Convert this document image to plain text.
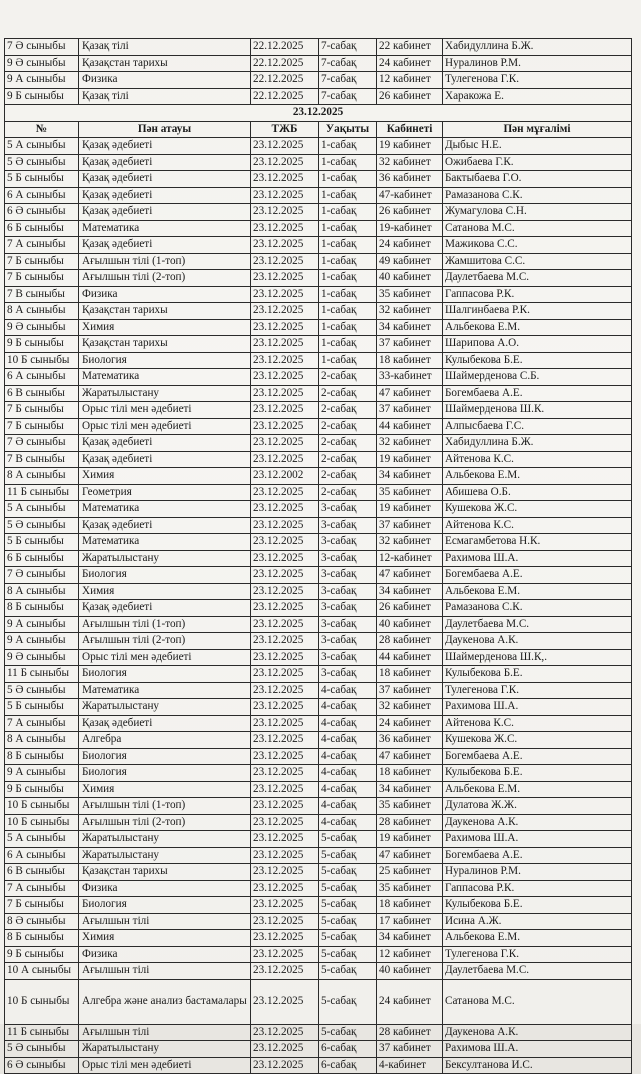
7 Ә сыныбы	Қазақ тілі	22.12.2025	7-сабақ	22 кабинет	Хабидуллина Б.Ж.
9 Ә сыныбы	Қазақстан тарихы	22.12.2025	7-сабақ	24 кабинет	Нуралинов Р.М.
9 А сыныбы	Физика	22.12.2025	7-сабақ	12 кабинет	Тулегенова Г.К.
9 Б сыныбы	Қазақ тілі	22.12.2025	7-сабақ	26 кабинет	Харакожа Е.
23.12.2025					
№	Пән атауы	ТЖБ	Уақыты	Кабинеті	Пән мұғалімі
5 А сыныбы	Қазақ әдебиеті	23.12.2025	1-сабақ	19 кабинет	Дыбыс Н.Е.
5 Ә сыныбы	Қазақ әдебиеті	23.12.2025	1-сабақ	32 кабинет	Ожибаева Г.К.
5 Б сыныбы	Қазақ әдебиеті	23.12.2025	1-сабақ	36 кабинет	Бактыбаева Г.О.
6 А сыныбы	Қазақ әдебиеті	23.12.2025	1-сабақ	47-кабинет	Рамазанова С.К.
6 Ә сыныбы	Қазақ әдебиеті	23.12.2025	1-сабақ	26 кабинет	Жумагулова С.Н.
6 Б сыныбы	Математика	23.12.2025	1-сабақ	19-кабинет	Сатанова М.С.
7 А сыныбы	Қазақ әдебиеті	23.12.2025	1-сабақ	24 кабинет	Мажикова С.С.
7 Б сыныбы	Ағылшын тілі (1-топ)	23.12.2025	1-сабақ	49 кабинет	Жамшитова С.С.
7 Б сыныбы	Ағылшын тілі (2-топ)	23.12.2025	1-сабақ	40 кабинет	Даулетбаева М.С.
7 В сыныбы	Физика	23.12.2025	1-сабақ	35 кабинет	Гаппасова Р.К.
8 А сыныбы	Қазақстан тарихы	23.12.2025	1-сабақ	32 кабинет	Шалгинбаева Р.К.
9 Ә сыныбы	Химия	23.12.2025	1-сабақ	34 кабинет	Альбекова Е.М.
9 Б сыныбы	Қазақстан тарихы	23.12.2025	1-сабақ	37 кабинет	Шарипова А.О.
10 Б сыныбы	Биология	23.12.2025	1-сабақ	18 кабинет	Кулыбекова Б.Е.
6 А сыныбы	Математика	23.12.2025	2-сабақ	33-кабинет	Шаймерденова С.Б.
6 В сыныбы	Жаратылыстану	23.12.2025	2-сабақ	47 кабинет	Богембаева А.Е.
7 Б сыныбы	Орыс тілі мен әдебиеті	23.12.2025	2-сабақ	37 кабинет	Шаймерденова Ш.К.
7 Б сыныбы	Орыс тілі мен әдебиеті	23.12.2025	2-сабақ	44 кабинет	Алпысбаева Г.С.
7 Ә сыныбы	Қазақ әдебиеті	23.12.2025	2-сабақ	32 кабинет	Хабидуллина Б.Ж.
7 В сыныбы	Қазақ әдебиеті	23.12.2025	2-сабақ	19 кабинет	Айтенова К.С.
8 А сыныбы	Химия	23.12.2002	2-сабақ	34 кабинет	Альбекова Е.М.
11 Б сыныбы	Геометрия	23.12.2025	2-сабақ	35 кабинет	Абишева О.Б.
5 А сыныбы	Математика	23.12.2025	3-сабақ	19 кабинет	Кушекова Ж.С.
5 Ә сыныбы	Қазақ әдебиеті	23.12.2025	3-сабақ	37 кабинет	Айтенова К.С.
5 Б сыныбы	Математика	23.12.2025	3-сабақ	32 кабинет	Есмагамбетова Н.К.
6 Б сыныбы	Жаратылыстану	23.12.2025	3-сабақ	12-кабинет	Рахимова Ш.А.
7 Ә сыныбы	Биология	23.12.2025	3-сабақ	47 кабинет	Богембаева А.Е.
8 А сыныбы	Химия	23.12.2025	3-сабақ	34 кабинет	Альбекова Е.М.
8 Б сыныбы	Қазақ әдебиеті	23.12.2025	3-сабақ	26 кабинет	Рамазанова С.К.
9 А сыныбы	Ағылшын тілі (1-топ)	23.12.2025	3-сабақ	40 кабинет	Даулетбаева М.С.
9 А сыныбы	Ағылшын тілі (2-топ)	23.12.2025	3-сабақ	28 кабинет	Даукенова А.К.
9 Ә сыныбы	Орыс тілі мен әдебиеті	23.12.2025	3-сабақ	44 кабинет	Шаймерденова Ш.К,.
11 Б сыныбы	Биология	23.12.2025	3-сабақ	18 кабинет	Кулыбекова Б.Е.
5 Ә сыныбы	Математика	23.12.2025	4-сабақ	37 кабинет	Тулегенова Г.К.
5 Б сыныбы	Жаратылыстану	23.12.2025	4-сабақ	32 кабинет	Рахимова Ш.А.
7 А сыныбы	Қазақ әдебиеті	23.12.2025	4-сабақ	24 кабинет	Айтенова К.С.
8 А сыныбы	Алгебра	23.12.2025	4-сабақ	36 кабинет	Кушекова Ж.С.
8 Б сыныбы	Биология	23.12.2025	4-сабақ	47 кабинет	Богембаева А.Е.
9 А сыныбы	Биология	23.12.2025	4-сабақ	18 кабинет	Кулыбекова Б.Е.
9 Б сыныбы	Химия	23.12.2025	4-сабақ	34 кабинет	Альбекова Е.М.
10 Б сыныбы	Ағылшын тілі (1-топ)	23.12.2025	4-сабақ	35 кабинет	Дулатова Ж.Ж.
10 Б сыныбы	Ағылшын тілі (2-топ)	23.12.2025	4-сабақ	28 кабинет	Даукенова А.К.
5 А сыныбы	Жаратылыстану	23.12.2025	5-сабақ	19 кабинет	Рахимова Ш.А.
6 А сыныбы	Жаратылыстану	23.12.2025	5-сабақ	47 кабинет	Богембаева А.Е.
6 В сыныбы	Қазақстан тарихы	23.12.2025	5-сабақ	25 кабинет	Нуралинов Р.М.
7 А сыныбы	Физика	23.12.2025	5-сабақ	35 кабинет	Гаппасова Р.К.
7 Б сыныбы	Биология	23.12.2025	5-сабақ	18 кабинет	Кулыбекова Б.Е.
8 Ә сыныбы	Ағылшын тілі	23.12.2025	5-сабақ	17 кабинет	Исина А.Ж.
8 Б сыныбы	Химия	23.12.2025	5-сабақ	34 кабинет	Альбекова Е.М.
9 Б сыныбы	Физика	23.12.2025	5-сабақ	12 кабинет	Тулегенова Г.К.
10 А сыныбы	Ағылшын тілі	23.12.2025	5-сабақ	40 кабинет	Даулетбаева М.С.
10 Б сыныбы	Алгебра және анализ бастамалары	23.12.2025	5-сабақ	24 кабинет	Сатанова М.С.
11 Б сыныбы	Ағылшын тілі	23.12.2025	5-сабақ	28 кабинет	Даукенова А.К.
5 Ә сыныбы	Жаратылыстану	23.12.2025	6-сабақ	37 кабинет	Рахимова Ш.А.
6 Ә сыныбы	Орыс тілі мен әдебиеті	23.12.2025	6-сабақ	4-кабинет	Бексултанова И.С.
